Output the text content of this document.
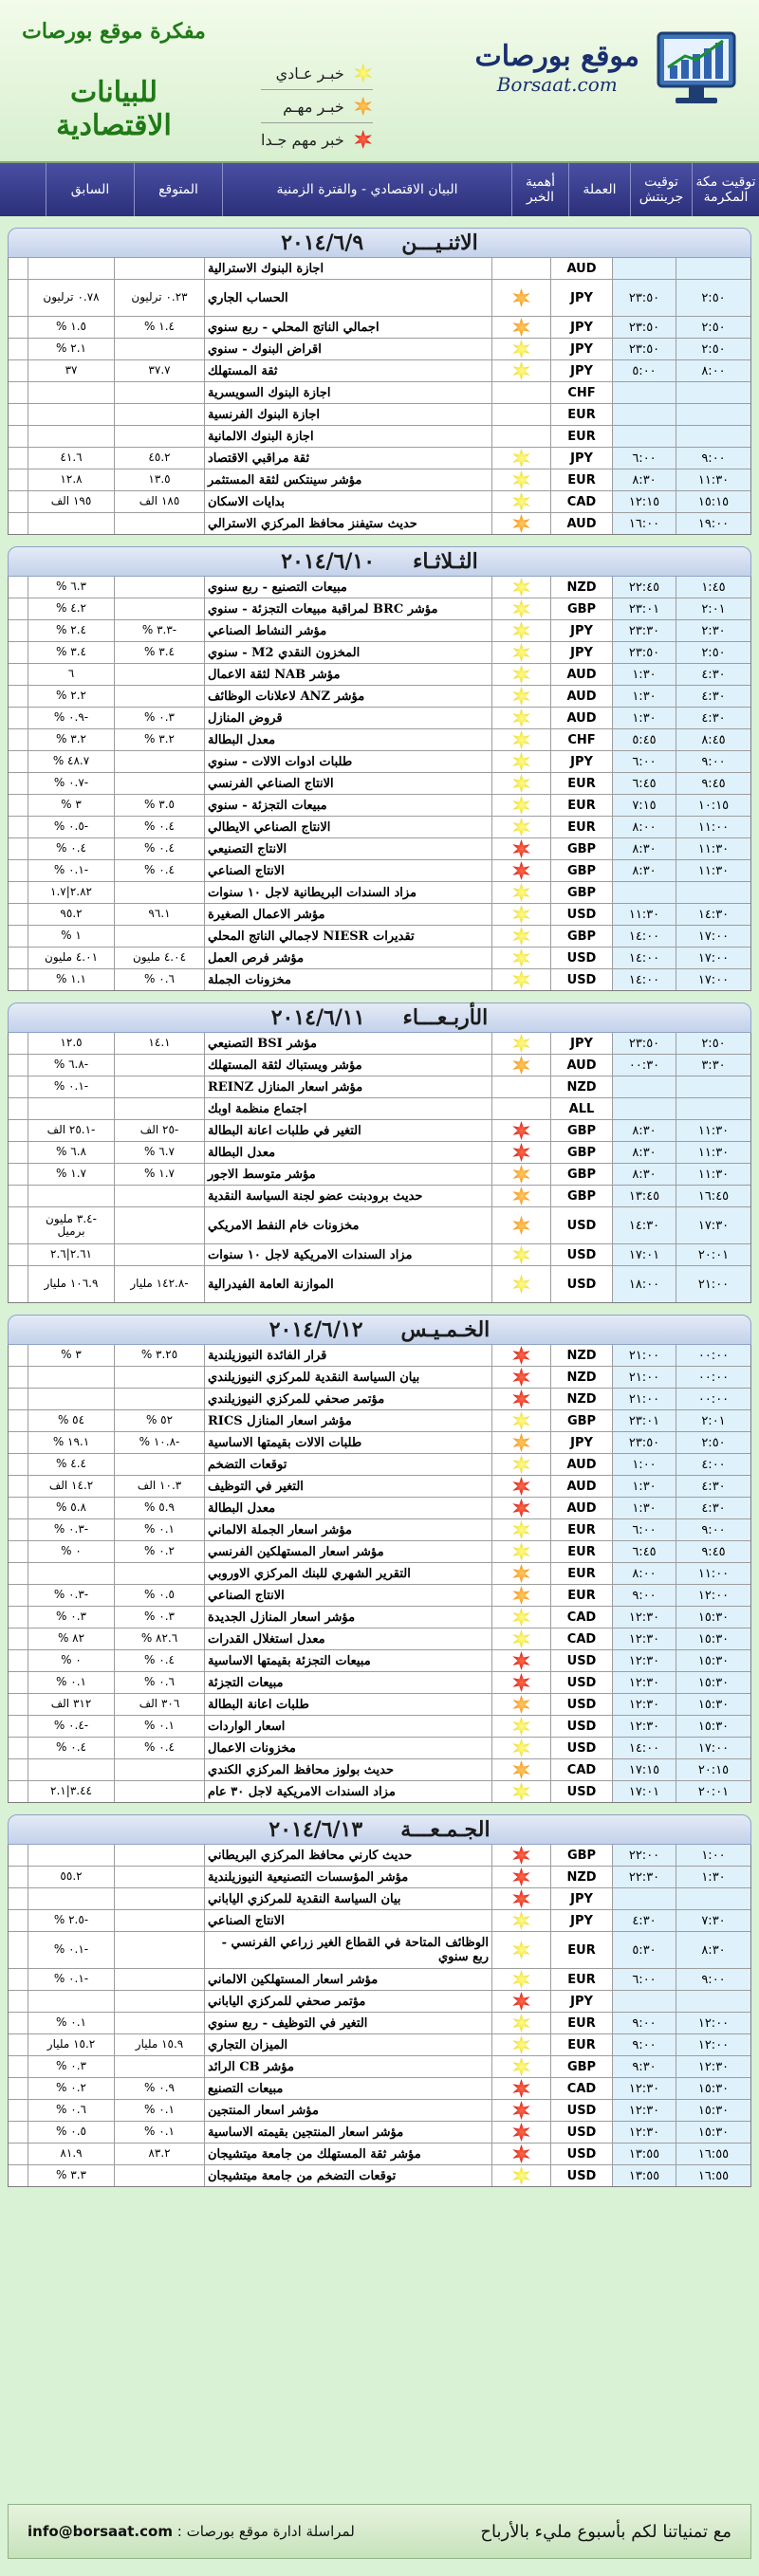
مفكرة موقع بورصات
للبيانات الاقتصادية
خبـر عـادي
خبـر مهـم
خبر مهم جـدا
موقع بورصات
Borsaat.com
توقيت مكة المكرمة
توقيت جرينتش
العملة
أهمية الخبر
البيان الاقتصادي - والفترة الزمنية
المتوقع
السابق
٢٠١٤/٦/٩ الاثنـيـــن
AUD
اجازة البنوك الاسترالية
٢:٥٠
٢٣:٥٠
JPY
الحساب الجاري
٠.٢٣ ترليون
٠.٧٨ ترليون
٢:٥٠
٢٣:٥٠
JPY
اجمالي الناتج المحلي - ربع سنوي
١.٤ %
١.٥ %
٢:٥٠
٢٣:٥٠
JPY
اقراض البنوك - سنوي
٢.١ %
٨:٠٠
٥:٠٠
JPY
ثقة المستهلك
٣٧.٧
٣٧
CHF
اجازة البنوك السويسرية
EUR
اجازة البنوك الفرنسية
EUR
اجازة البنوك الالمانية
٩:٠٠
٦:٠٠
JPY
ثقة مراقبي الاقتصاد
٤٥.٢
٤١.٦
١١:٣٠
٨:٣٠
EUR
مؤشر سينتكس لثقة المستثمر
١٣.٥
١٢.٨
١٥:١٥
١٢:١٥
CAD
بدايات الاسكان
١٨٥ الف
١٩٥ الف
١٩:٠٠
١٦:٠٠
AUD
حديث ستيفنز محافظ المركزي الاسترالي
٢٠١٤/٦/١٠ الثـلاثـاء
١:٤٥
٢٢:٤٥
NZD
مبيعات التصنيع - ربع سنوي
٦.٣ %
٢:٠١
٢٣:٠١
GBP
مؤشر BRC لمراقبة مبيعات التجزئة - سنوي
٤.٢ %
٢:٣٠
٢٣:٣٠
JPY
مؤشر النشاط الصناعي
-٣.٣ %
٢.٤ %
٢:٥٠
٢٣:٥٠
JPY
المخزون النقدي M2 - سنوي
٣.٤ %
٣.٤ %
٤:٣٠
١:٣٠
AUD
مؤشر NAB لثقة الاعمال
٦
٤:٣٠
١:٣٠
AUD
مؤشر ANZ لاعلانات الوظائف
٢.٢ %
٤:٣٠
١:٣٠
AUD
قروض المنازل
٠.٣ %
-٠.٩ %
٨:٤٥
٥:٤٥
CHF
معدل البطالة
٣.٢ %
٣.٢ %
٩:٠٠
٦:٠٠
JPY
طلبات ادوات الالات - سنوي
٤٨.٧ %
٩:٤٥
٦:٤٥
EUR
الانتاج الصناعي الفرنسي
-٠.٧ %
١٠:١٥
٧:١٥
EUR
مبيعات التجزئة - سنوي
٣.٥ %
٣ %
١١:٠٠
٨:٠٠
EUR
الانتاج الصناعي الايطالي
٠.٤ %
-٠.٥ %
١١:٣٠
٨:٣٠
GBP
الانتاج التصنيعي
٠.٤ %
٠.٤ %
١١:٣٠
٨:٣٠
GBP
الانتاج الصناعي
٠.٤ %
-٠.١ %
GBP
مزاد السندات البريطانية لاجل ١٠ سنوات
٢.٨٢|١.٧
١٤:٣٠
١١:٣٠
USD
مؤشر الاعمال الصغيرة
٩٦.١
٩٥.٢
١٧:٠٠
١٤:٠٠
GBP
تقديرات NIESR لاجمالي الناتج المحلي
١ %
١٧:٠٠
١٤:٠٠
USD
مؤشر فرص العمل
٤.٠٤ مليون
٤.٠١ مليون
١٧:٠٠
١٤:٠٠
USD
مخزونات الجملة
٠.٦ %
١.١ %
٢٠١٤/٦/١١ الأربـعـــاء
٢:٥٠
٢٣:٥٠
JPY
مؤشر BSI التصنيعي
١٤.١
١٢.٥
٣:٣٠
٠٠:٣٠
AUD
مؤشر ويستباك لثقة المستهلك
-٦.٨ %
NZD
مؤشر اسعار المنازل REINZ
-٠.١ %
ALL
اجتماع منظمة اوبك
١١:٣٠
٨:٣٠
GBP
التغير في طلبات اعانة البطالة
-٢٥ الف
-٢٥.١ الف
١١:٣٠
٨:٣٠
GBP
معدل البطالة
٦.٧ %
٦.٨ %
١١:٣٠
٨:٣٠
GBP
مؤشر متوسط الاجور
١.٧ %
١.٧ %
١٦:٤٥
١٣:٤٥
GBP
حديث برودبنت عضو لجنة السياسة النقدية
١٧:٣٠
١٤:٣٠
USD
مخزونات خام النفط الامريكي
-٣.٤ مليون برميل
٢٠:٠١
١٧:٠١
USD
مزاد السندات الامريكية لاجل ١٠ سنوات
٢.٦١|٢.٦
٢١:٠٠
١٨:٠٠
USD
الموازنة العامة الفيدرالية
-١٤٢.٨ مليار
١٠٦.٩ مليار
٢٠١٤/٦/١٢ الخـمـيـس
٠٠:٠٠
٢١:٠٠
NZD
قرار الفائدة النيوزيلندية
٣.٢٥ %
٣ %
٠٠:٠٠
٢١:٠٠
NZD
بيان السياسة النقدية للمركزي النيوزيلندي
٠٠:٠٠
٢١:٠٠
NZD
مؤتمر صحفي للمركزي النيوزيلندي
٢:٠١
٢٣:٠١
GBP
مؤشر اسعار المنازل RICS
٥٢ %
٥٤ %
٢:٥٠
٢٣:٥٠
JPY
طلبات الالات بقيمتها الاساسية
-١٠.٨ %
١٩.١ %
٤:٠٠
١:٠٠
AUD
توقعات التضخم
٤.٤ %
٤:٣٠
١:٣٠
AUD
التغير في التوظيف
١٠.٣ الف
١٤.٢ الف
٤:٣٠
١:٣٠
AUD
معدل البطالة
٥.٩ %
٥.٨ %
٩:٠٠
٦:٠٠
EUR
مؤشر اسعار الجملة الالماني
٠.١ %
-٠.٣ %
٩:٤٥
٦:٤٥
EUR
مؤشر اسعار المستهلكين الفرنسي
٠.٢ %
٠ %
١١:٠٠
٨:٠٠
EUR
التقرير الشهري للبنك المركزي الاوروبي
١٢:٠٠
٩:٠٠
EUR
الانتاج الصناعي
٠.٥ %
-٠.٣ %
١٥:٣٠
١٢:٣٠
CAD
مؤشر اسعار المنازل الجديدة
٠.٣ %
٠.٣ %
١٥:٣٠
١٢:٣٠
CAD
معدل استغلال القدرات
٨٢.٦ %
٨٢ %
١٥:٣٠
١٢:٣٠
USD
مبيعات التجزئة بقيمتها الاساسية
٠.٤ %
٠ %
١٥:٣٠
١٢:٣٠
USD
مبيعات التجزئة
٠.٦ %
٠.١ %
١٥:٣٠
١٢:٣٠
USD
طلبات اعانة البطالة
٣٠٦ الف
٣١٢ الف
١٥:٣٠
١٢:٣٠
USD
اسعار الواردات
٠.١ %
-٠.٤ %
١٧:٠٠
١٤:٠٠
USD
مخزونات الاعمال
٠.٤ %
٠.٤ %
٢٠:١٥
١٧:١٥
CAD
حديث بولوز محافظ المركزي الكندي
٢٠:٠١
١٧:٠١
USD
مزاد السندات الامريكية لاجل ٣٠ عام
٣.٤٤|٢.١
٢٠١٤/٦/١٣ الجـمـعـــة
١:٠٠
٢٢:٠٠
GBP
حديث كارني محافظ المركزي البريطاني
١:٣٠
٢٢:٣٠
NZD
مؤشر المؤسسات التصنيعية النيوزيلندية
٥٥.٢
JPY
بيان السياسة النقدية للمركزي الياباني
٧:٣٠
٤:٣٠
JPY
الانتاج الصناعي
-٢.٥ %
٨:٣٠
٥:٣٠
EUR
الوظائف المتاحة في القطاع الغير زراعي الفرنسي - ربع سنوي
-٠.١ %
٩:٠٠
٦:٠٠
EUR
مؤشر اسعار المستهلكين الالماني
-٠.١ %
JPY
مؤتمر صحفي للمركزي الياباني
١٢:٠٠
٩:٠٠
EUR
التغير في التوظيف - ربع سنوي
٠.١ %
١٢:٠٠
٩:٠٠
EUR
الميزان التجاري
١٥.٩ مليار
١٥.٢ مليار
١٢:٣٠
٩:٣٠
GBP
مؤشر CB الرائد
٠.٣ %
١٥:٣٠
١٢:٣٠
CAD
مبيعات التصنيع
٠.٩ %
٠.٢ %
١٥:٣٠
١٢:٣٠
USD
مؤشر اسعار المنتجين
٠.١ %
٠.٦ %
١٥:٣٠
١٢:٣٠
USD
مؤشر اسعار المنتجين بقيمته الاساسية
٠.١ %
٠.٥ %
١٦:٥٥
١٣:٥٥
USD
مؤشر ثقة المستهلك من جامعة ميتشيجان
٨٣.٢
٨١.٩
١٦:٥٥
١٣:٥٥
USD
توقعات التضخم من جامعة ميتشيجان
٣.٣ %
لمراسلة ادارة موقع بورصات : info@borsaat.com	مع تمنياتنا لكم بأسبوع مليء بالأرباح
